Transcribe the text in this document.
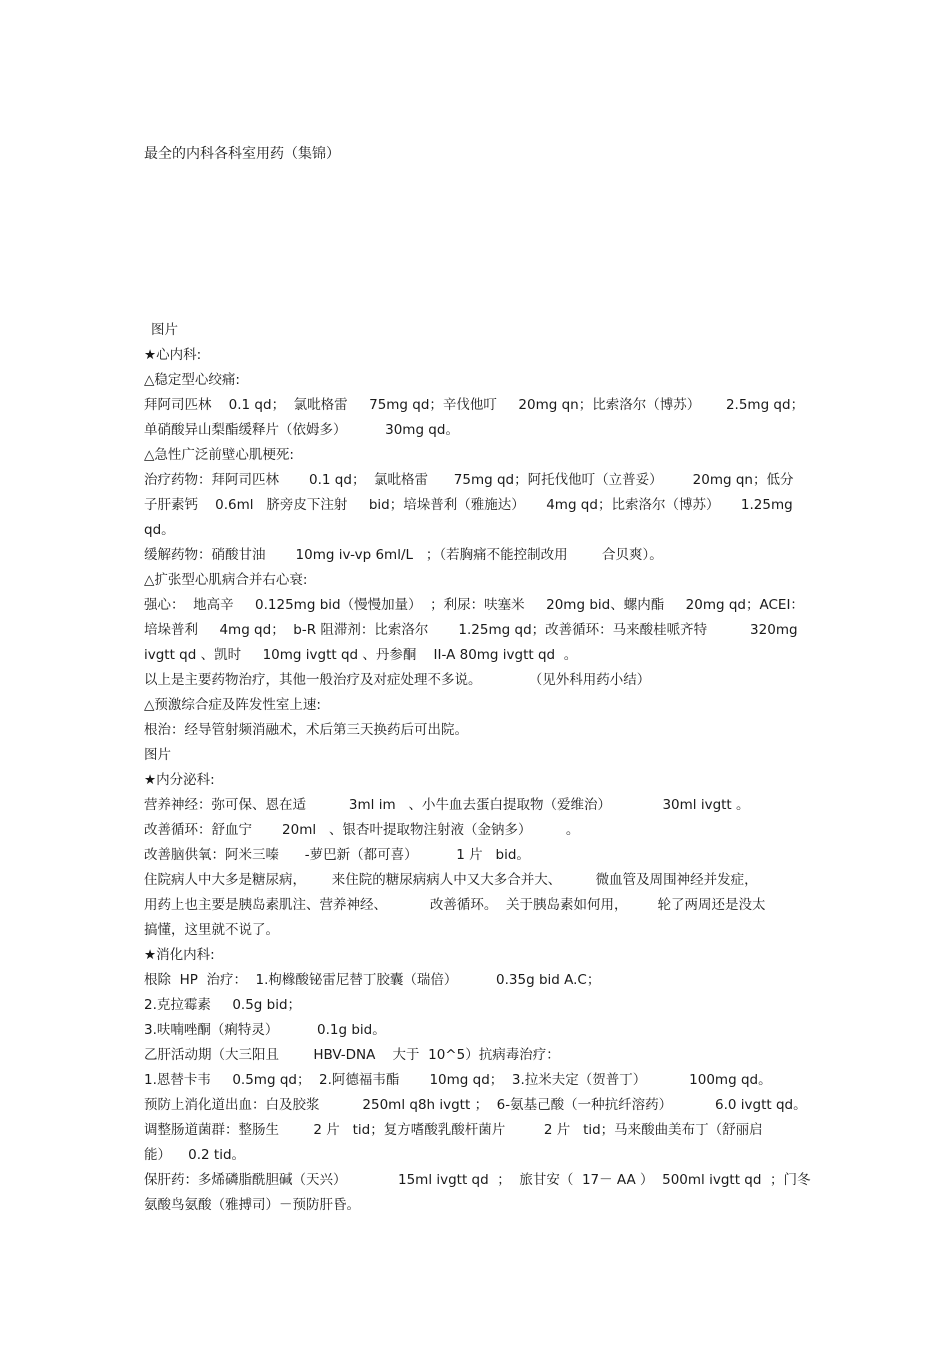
最全的内科各科室用药（集锦）
图片
★心内科:
△稳定型心绞痛:
拜阿司匹林    0.1 qd；  氯吡格雷     75mg qd；辛伐他叮     20mg qn；比索洛尔（博苏）      2.5mg qd；
单硝酸异山梨酯缓释片（依姆多）         30mg qd。
△急性广泛前壁心肌梗死:
治疗药物：拜阿司匹林       0.1 qd；  氯吡格雷      75mg qd；阿托伐他叮（立普妥）       20mg qn；低分
子肝素钙    0.6ml   脐旁皮下注射     bid；培垛普利（雅施达）     4mg qd；比索洛尔（博苏）     1.25mg
qd。
缓解药物：硝酸甘油       10mg iv-vp 6ml/L   ；（若胸痛不能控制改用        合贝爽）。
△扩张型心肌病合并右心衰:
强心：  地高辛     0.125mg bid（慢慢加量）  ；利尿：呋塞米     20mg bid、螺内酯     20mg qd；ACEI：
培垛普利     4mg qd；  b-R 阻滞剂：比索洛尔       1.25mg qd；改善循环：马来酸桂哌齐特          320mg
ivgtt qd 、凯时     10mg ivgtt qd 、丹参酮    II-A 80mg ivgtt qd  。
以上是主要药物治疗，其他一般治疗及对症处理不多说。           （见外科用药小结）
△预激综合症及阵发性室上速:
根治：经导管射频消融术，术后第三天换药后可出院。
图片
★内分泌科:
营养神经：弥可保、恩在适          3ml im   、小牛血去蛋白提取物（爱维治）            30ml ivgtt 。
改善循环：舒血宁       20ml   、银杏叶提取物注射液（金钠多）        。
改善脑供氧：阿米三嗪      -萝巴新（都可喜）         1 片   bid。
住院病人中大多是糖尿病，      来住院的糖尿病病人中又大多合并大、        微血管及周围神经并发症，
用药上也主要是胰岛素肌注、营养神经、          改善循环。  关于胰岛素如何用，       轮了两周还是没太
搞懂，这里就不说了。
★消化内科:
根除  HP  治疗：  1.枸橼酸铋雷尼替丁胶囊（瑞倍）         0.35g bid A.C；
2.克拉霉素     0.5g bid；
3.呋喃唑酮（痢特灵）         0.1g bid。
乙肝活动期（大三阳且        HBV-DNA    大于  10^5）抗病毒治疗：
1.恩替卡韦     0.5mg qd；  2.阿德福韦酯       10mg qd；  3.拉米夫定（贺普丁）          100mg qd。
预防上消化道出血：白及胶浆          250ml q8h ivgtt ；  6-氨基己酸（一种抗纤溶药）          6.0 ivgtt qd。
调整肠道菌群：整肠生        2 片   tid；复方嗜酸乳酸杆菌片         2 片   tid；马来酸曲美布丁（舒丽启
能）    0.2 tid。
保肝药：多烯磷脂酰胆碱（天兴）            15ml ivgtt qd  ；  旅甘安（  17－ AA ）  500ml ivgtt qd  ；门冬
氨酸鸟氨酸（雅搏司）－预防肝昏。
